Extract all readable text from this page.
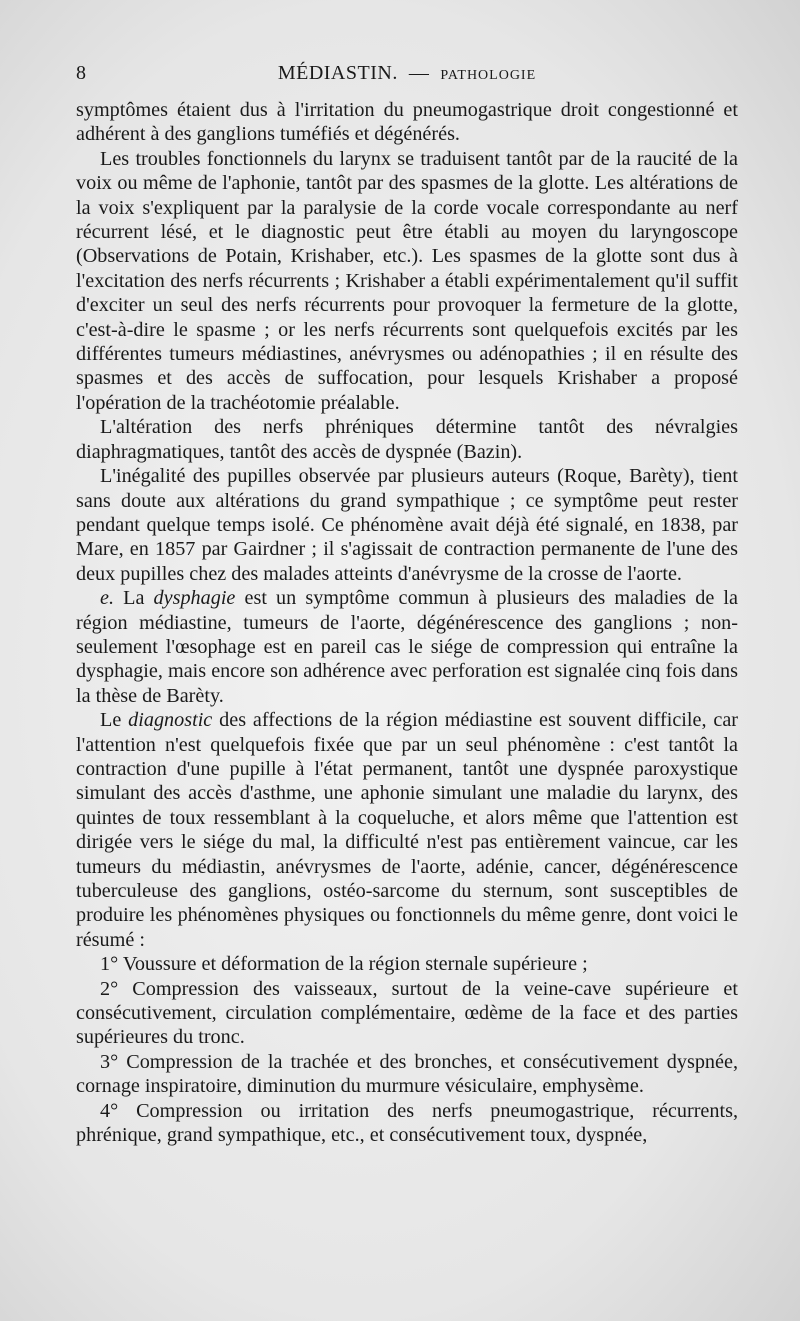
8	MÉDIASTIN. — PATHOLOGIE

symptômes étaient dus à l'irritation du pneumogastrique droit congestionné et adhérent à des ganglions tuméfiés et dégénérés.

Les troubles fonctionnels du larynx se traduisent tantôt par de la raucité de la voix ou même de l'aphonie, tantôt par des spasmes de la glotte. Les altérations de la voix s'expliquent par la paralysie de la corde vocale correspondante au nerf récurrent lésé, et le diagnostic peut être établi au moyen du laryngoscope (Observations de Potain, Krishaber, etc.). Les spasmes de la glotte sont dus à l'excitation des nerfs récurrents ; Krishaber a établi expérimentalement qu'il suffit d'exciter un seul des nerfs récurrents pour provoquer la fermeture de la glotte, c'est-à-dire le spasme ; or les nerfs récurrents sont quelquefois excités par les différentes tumeurs médiastines, anévrysmes ou adénopathies ; il en résulte des spasmes et des accès de suffocation, pour lesquels Krishaber a proposé l'opération de la trachéotomie préalable.

L'altération des nerfs phréniques détermine tantôt des névralgies diaphragmatiques, tantôt des accès de dyspnée (Bazin).

L'inégalité des pupilles observée par plusieurs auteurs (Roque, Barèty), tient sans doute aux altérations du grand sympathique ; ce symptôme peut rester pendant quelque temps isolé. Ce phénomène avait déjà été signalé, en 1838, par Mare, en 1857 par Gairdner ; il s'agissait de contraction permanente de l'une des deux pupilles chez des malades atteints d'anévrysme de la crosse de l'aorte.

e. La dysphagie est un symptôme commun à plusieurs des maladies de la région médiastine, tumeurs de l'aorte, dégénérescence des ganglions ; non-seulement l'œsophage est en pareil cas le siége de compression qui entraîne la dysphagie, mais encore son adhérence avec perforation est signalée cinq fois dans la thèse de Barèty.

Le diagnostic des affections de la région médiastine est souvent difficile, car l'attention n'est quelquefois fixée que par un seul phénomène : c'est tantôt la contraction d'une pupille à l'état permanent, tantôt une dyspnée paroxystique simulant des accès d'asthme, une aphonie simulant une maladie du larynx, des quintes de toux ressemblant à la coqueluche, et alors même que l'attention est dirigée vers le siége du mal, la difficulté n'est pas entièrement vaincue, car les tumeurs du médiastin, anévrysmes de l'aorte, adénie, cancer, dégénérescence tuberculeuse des ganglions, ostéo-sarcome du sternum, sont susceptibles de produire les phénomènes physiques ou fonctionnels du même genre, dont voici le résumé :

1° Voussure et déformation de la région sternale supérieure ;

2° Compression des vaisseaux, surtout de la veine-cave supérieure et consécutivement, circulation complémentaire, œdème de la face et des parties supérieures du tronc.

3° Compression de la trachée et des bronches, et consécutivement dyspnée, cornage inspiratoire, diminution du murmure vésiculaire, emphysème.

4° Compression ou irritation des nerfs pneumogastrique, récurrents, phrénique, grand sympathique, etc., et consécutivement toux, dyspnée,
